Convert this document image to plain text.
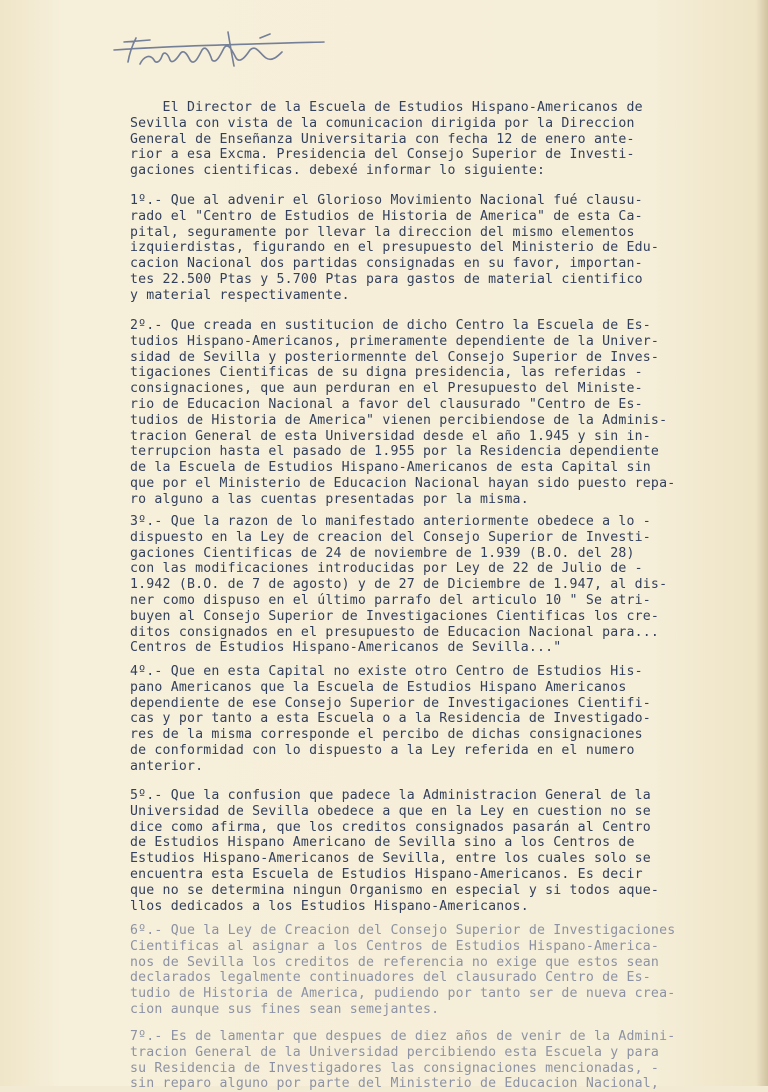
El Director de la Escuela de Estudios Hispano-Americanos de
Sevilla con vista de la comunicacion dirigida por la Direccion
General de Enseñanza Universitaria con fecha 12 de enero ante-
rior a esa Excma. Presidencia del Consejo Superior de Investi-
gaciones cientificas. debexé informar lo siguiente:
1º.- Que al advenir el Glorioso Movimiento Nacional fué clausu-
rado el "Centro de Estudios de Historia de America" de esta Ca-
pital, seguramente por llevar la direccion del mismo elementos
izquierdistas, figurando en el presupuesto del Ministerio de Edu-
cacion Nacional dos partidas consignadas en su favor, importan-
tes 22.500 Ptas y 5.700 Ptas para gastos de material cientifico
y material respectivamente.
2º.- Que creada en sustitucion de dicho Centro la Escuela de Es-
tudios Hispano-Americanos, primeramente dependiente de la Univer-
sidad de Sevilla y posteriormennte del Consejo Superior de Inves-
tigaciones Cientificas de su digna presidencia, las referidas -
consignaciones, que aun perduran en el Presupuesto del Ministe-
rio de Educacion Nacional a favor del clausurado "Centro de Es-
tudios de Historia de America" vienen percibiendose de la Adminis-
tracion General de esta Universidad desde el año 1.945 y sin in-
terrupcion hasta el pasado de 1.955 por la Residencia dependiente
de la Escuela de Estudios Hispano-Americanos de esta Capital sin
que por el Ministerio de Educacion Nacional hayan sido puesto repa-
ro alguno a las cuentas presentadas por la misma.
3º.- Que la razon de lo manifestado anteriormente obedece a lo -
dispuesto en la Ley de creacion del Consejo Superior de Investi-
gaciones Cientificas de 24 de noviembre de 1.939 (B.O. del 28)
con las modificaciones introducidas por Ley de 22 de Julio de -
1.942 (B.O. de 7 de agosto) y de 27 de Diciembre de 1.947, al dis-
ner como dispuso en el último parrafo del articulo 10 " Se atri-
buyen al Consejo Superior de Investigaciones Cientificas los cre-
ditos consignados en el presupuesto de Educacion Nacional para...
Centros de Estudios Hispano-Americanos de Sevilla..."
4º.- Que en esta Capital no existe otro Centro de Estudios His-
pano Americanos que la Escuela de Estudios Hispano Americanos
dependiente de ese Consejo Superior de Investigaciones Cientifi-
cas y por tanto a esta Escuela o a la Residencia de Investigado-
res de la misma corresponde el percibo de dichas consignaciones
de conformidad con lo dispuesto a la Ley referida en el numero
anterior.
5º.- Que la confusion que padece la Administracion General de la
Universidad de Sevilla obedece a que en la Ley en cuestion no se
dice como afirma, que los creditos consignados pasarán al Centro
de Estudios Hispano Americano de Sevilla sino a los Centros de
Estudios Hispano-Americanos de Sevilla, entre los cuales solo se
encuentra esta Escuela de Estudios Hispano-Americanos. Es decir
que no se determina ningun Organismo en especial y si todos aque-
llos dedicados a los Estudios Hispano-Americanos.
6º.- Que la Ley de Creacion del Consejo Superior de Investigaciones
Cientificas al asignar a los Centros de Estudios Hispano-America-
nos de Sevilla los creditos de referencia no exige que estos sean
declarados legalmente continuadores del clausurado Centro de Es-
tudio de Historia de America, pudiendo por tanto ser de nueva crea-
cion aunque sus fines sean semejantes.
7º.- Es de lamentar que despues de diez años de venir de la Admini-
tracion General de la Universidad percibiendo esta Escuela y para
su Residencia de Investigadores las consignaciones mencionadas, -
sin reparo alguno por parte del Ministerio de Educacion Nacional,
